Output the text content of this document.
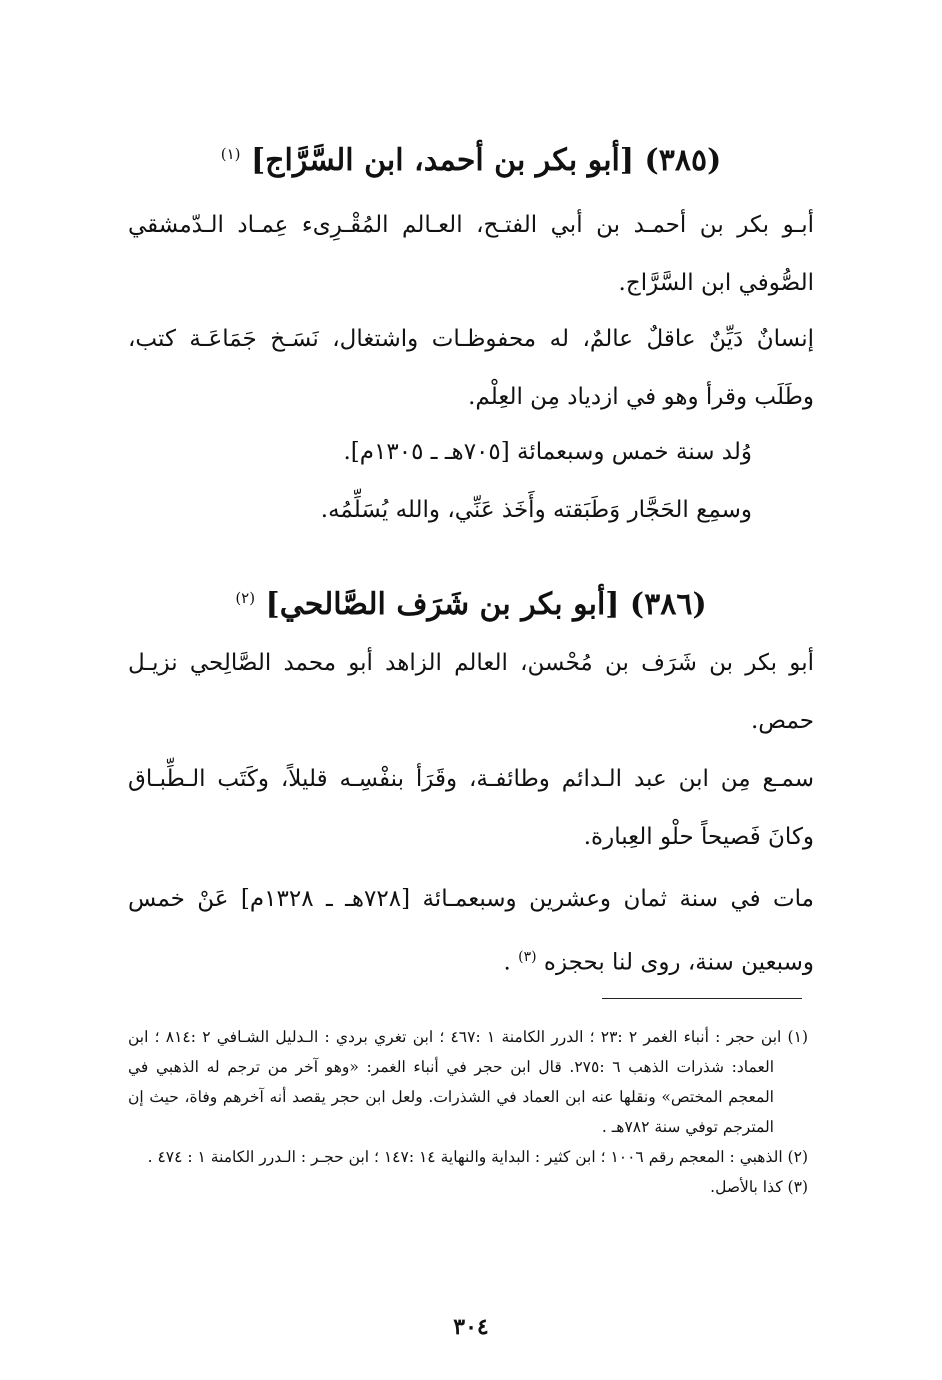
(٣٨٥) [أبو بكر بن أحمد، ابن السَّرَّاج] $^{(١)}$
أبـو بكر بن أحمـد بن أبي الفتـح، العـالم المُقْـرِىء عِمـاد الـدّمشقي الصُّوفي ابن السَّرَّاج.
إنسانٌ دَيِّنٌ عاقلٌ عالمٌ، له محفوظـات واشتغال، نَسَـخ جَمَاعَـة كتب، وطَلَب وقرأ وهو في ازدياد مِن العِلْم.
وُلد سنة خمس وسبعمائة [٧٠٥هـ ـ ١٣٠٥م].
وسمِع الحَجَّار وَطَبَقته وأَخَذ عَنِّي، والله يُسَلِّمُه.
(٣٨٦) [أبو بكر بن شَرَف الصَّالحي] $^{(٢)}$
أبو بكر بن شَرَف بن مُحْسن، العالم الزاهد أبو محمد الصَّالِحي نزيـل حمص.
سمـع مِن ابن عبد الـدائم وطائفـة، وقَرَأ بنفْسِـه قليلاً، وكَتَب الـطِّبـاق وكانَ فَصيحاً حلْو العِبارة.
مات في سنة ثمان وعشرين وسبعمـائة [٧٢٨هـ ـ ١٣٢٨م] عَنْ خمس وسبعين سنة، روى لنا بحجزه $^{(٣)}$ .

(١) ابن حجر : أنباء الغمر ٢ :٢٣ ؛ الدرر الكامنة ١ :٤٦٧ ؛ ابن تغري بردي : الـدليل الشـافي ٢ :٨١٤ ؛ ابن العماد: شذرات الذهب ٦ :٢٧٥. قال ابن حجر في أنباء الغمر: «وهو آخر من ترجم له الذهبي في المعجم المختص» ونقلها عنه ابن العماد في الشذرات. ولعل ابن حجر يقصد أنه آخرهم وفاة، حيث إن المترجم توفي سنة ٧٨٢هـ .

(٢) الذهبي : المعجم رقم ١٠٠٦ ؛ ابن كثير : البداية والنهاية ١٤ :١٤٧ ؛ ابن حجـر : الـدرر الكامنة ١ : ٤٧٤ .

(٣) كذا بالأصل.

٣٠٤
